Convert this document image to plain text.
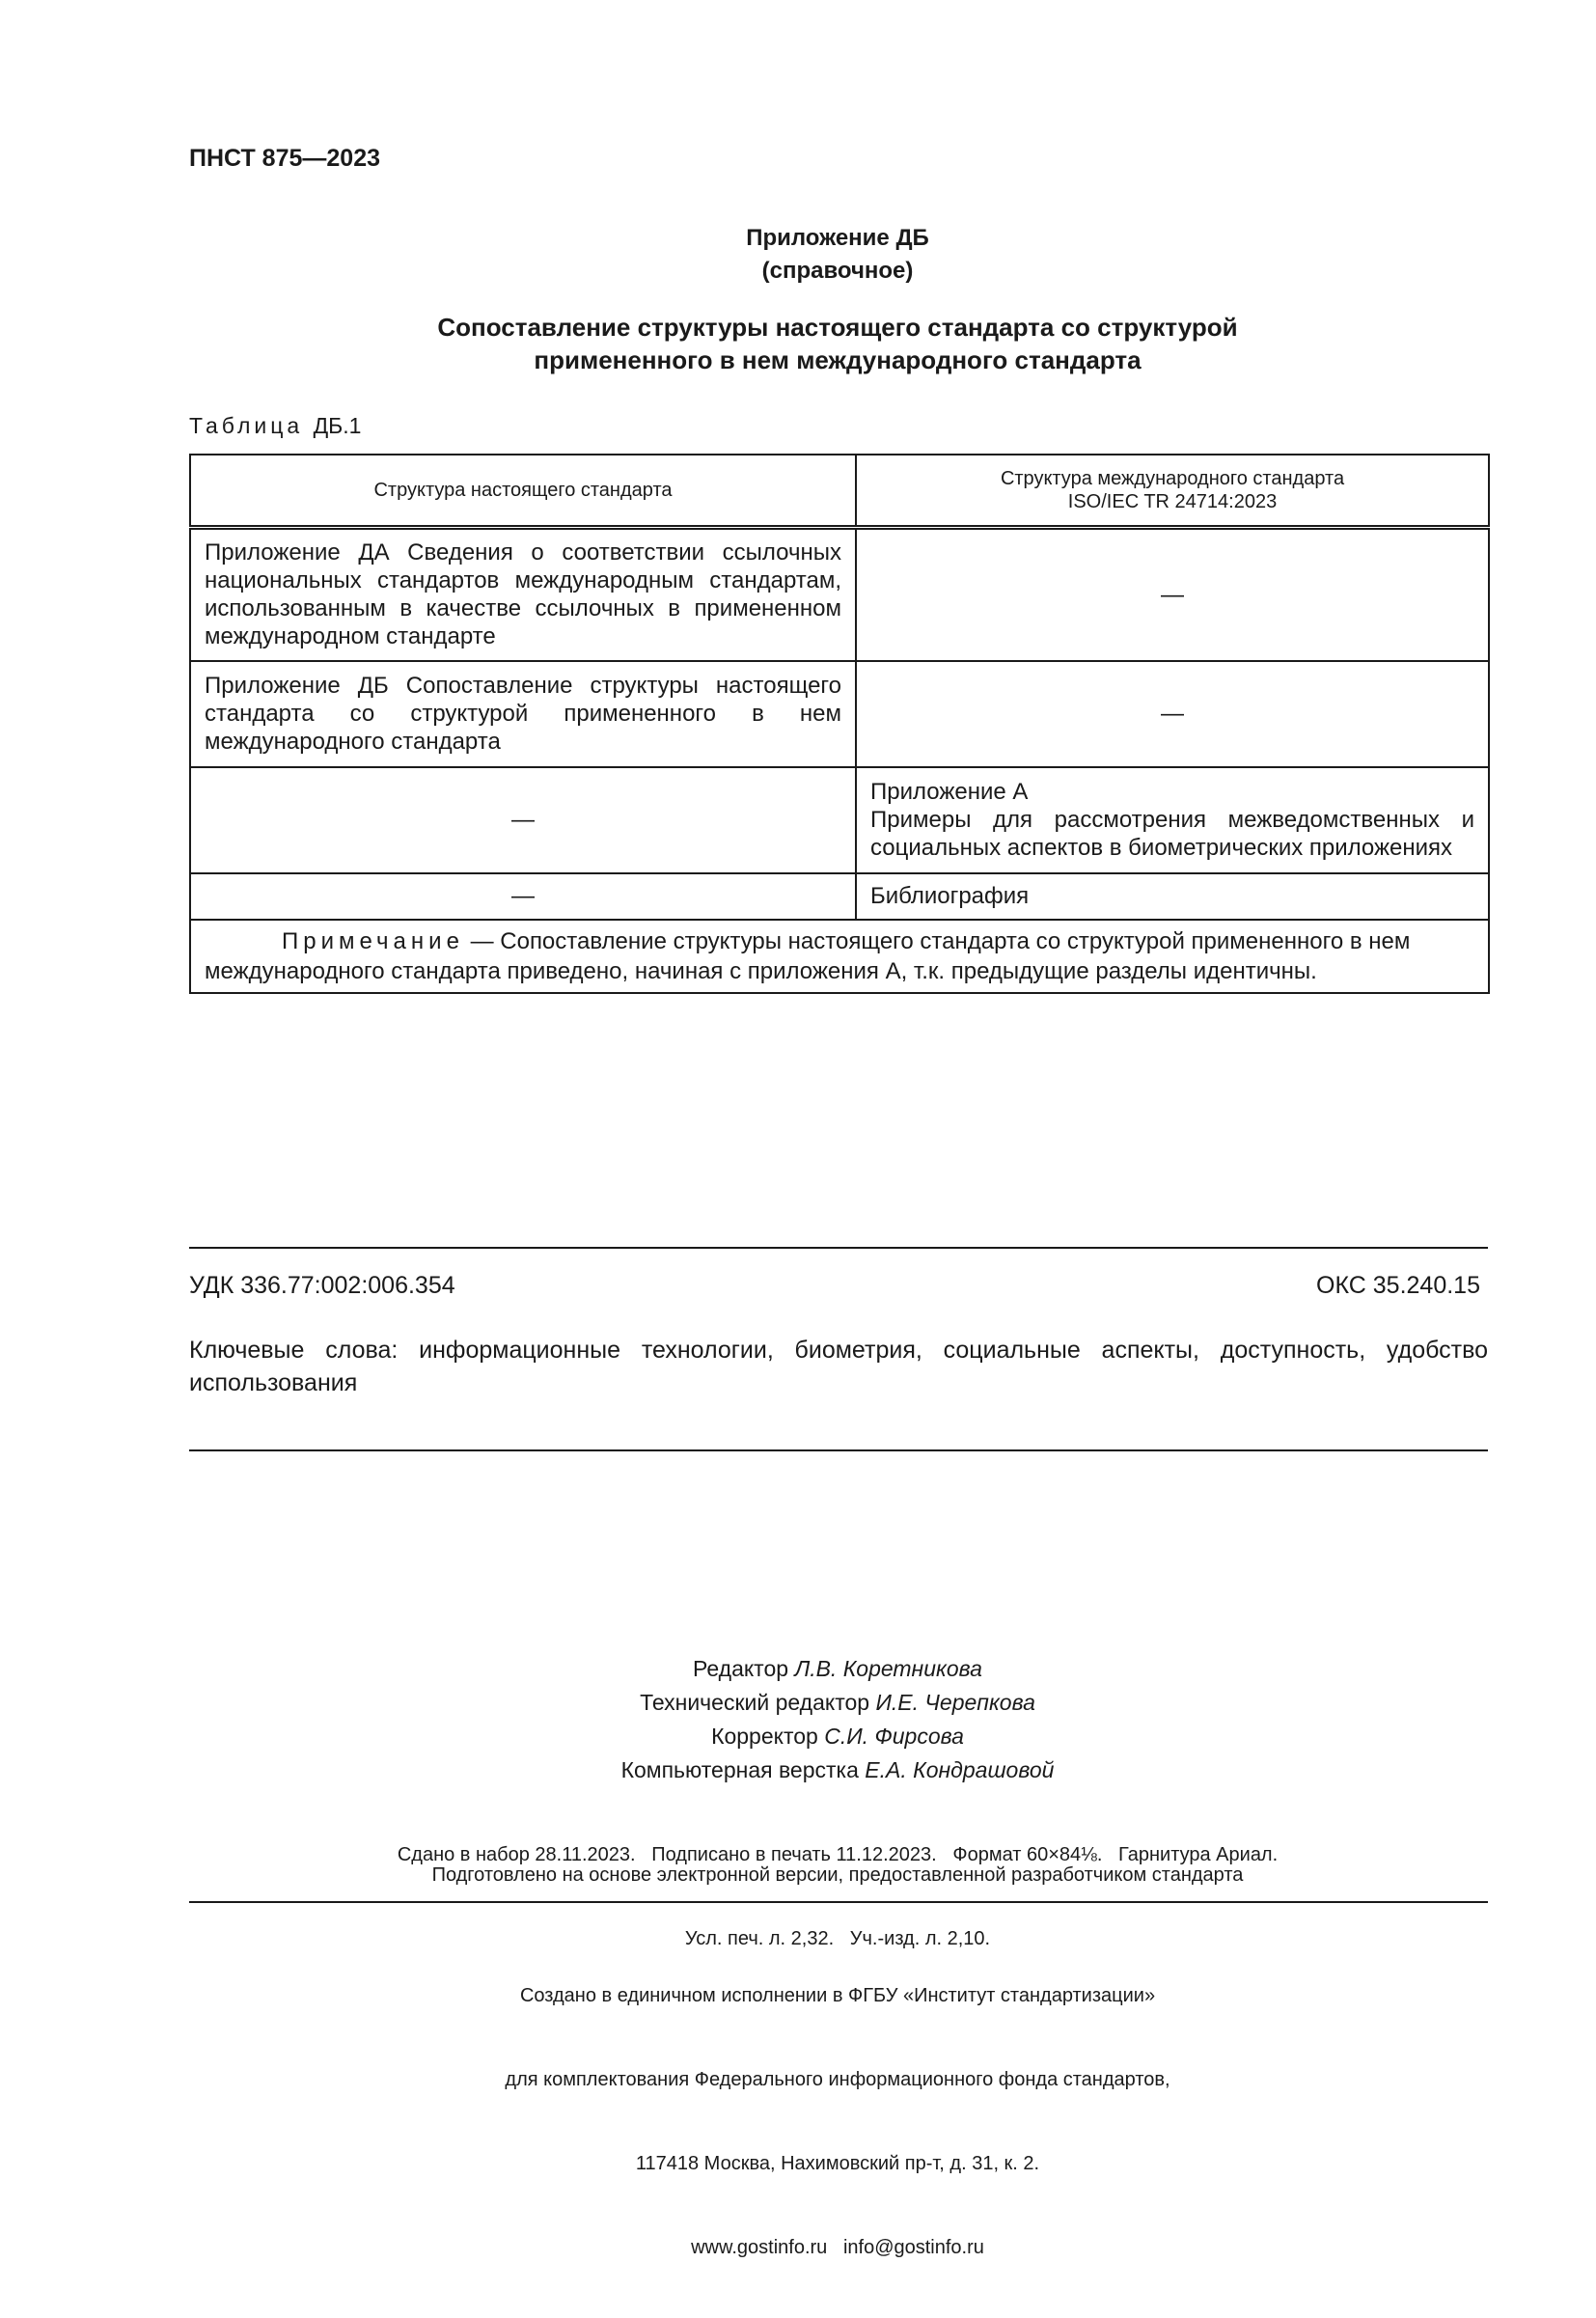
ПНСТ 875—2023
Приложение ДБ
(справочное)
Сопоставление структуры настоящего стандарта со структурой
примененного в нем международного стандарта
Таблица ДБ.1
Структура настоящего стандарта	Структура международного стандарта
ISO/IEC TR 24714:2023

Приложение ДА Сведения о соответствии ссылочных национальных стандартов международным стандартам, использованным в качестве ссылочных в примененном международном стандарте	—
Приложение ДБ Сопоставление структуры настоящего стандарта со структурой примененного в нем международного стандарта	—
—	Приложение А
Примеры для рассмотрения межведомственных и социальных аспектов в биометрических приложениях

—	Библиография
Примечание — Сопоставление структуры настоящего стандарта со структурой примененного в нем международного стандарта приведено, начиная с приложения А, т.к. предыдущие разделы идентичны.	
УДК 336.77:002:006.354	ОКС 35.240.15
Ключевые слова: информационные технологии, биометрия, социальные аспекты, доступность, удобство использования
Редактор Л.В. Коретникова
Технический редактор И.Е. Черепкова
Корректор С.И. Фирсова
Компьютерная верстка Е.А. Кондрашовой

Сдано в набор 28.11.2023.   Подписано в печать 11.12.2023.   Формат 60×84⅛.   Гарнитура Ариал.

Усл. печ. л. 2,32.   Уч.-изд. л. 2,10.

Подготовлено на основе электронной версии, предоставленной разработчиком стандарта

Создано в единичном исполнении в ФГБУ «Институт стандартизации»

для комплектования Федерального информационного фонда стандартов,

117418 Москва, Нахимовский пр-т, д. 31, к. 2.

www.gostinfo.ru   info@gostinfo.ru
